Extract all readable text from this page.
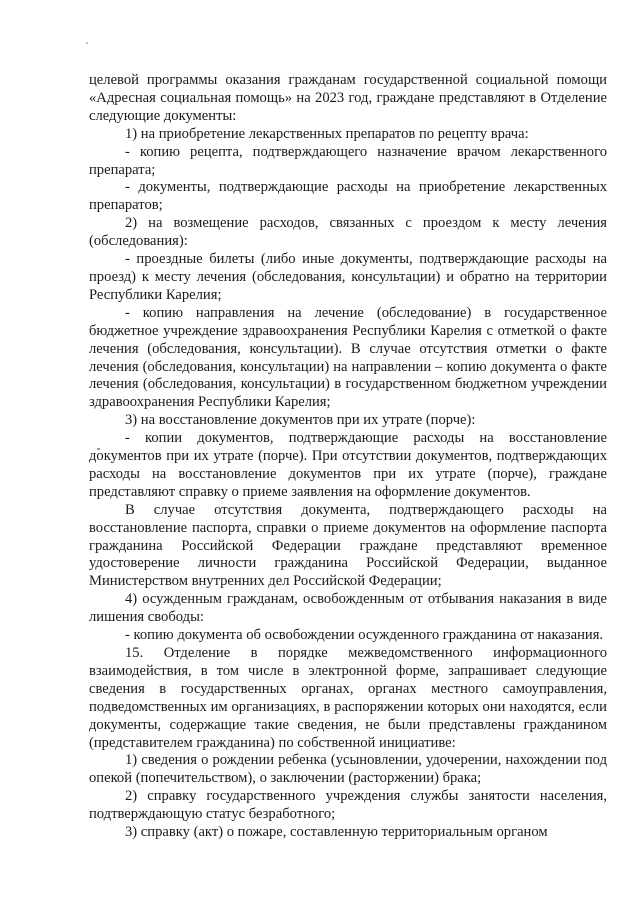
целевой программы оказания гражданам государственной социальной помощи «Адресная социальная помощь» на 2023 год, граждане представляют в Отделение следующие документы:

1) на приобретение лекарственных препаратов по рецепту врача:

- копию рецепта, подтверждающего назначение врачом лекарственного препарата;

- документы, подтверждающие расходы на приобретение лекарственных препаратов;

2) на возмещение расходов, связанных с проездом к месту лечения (обследования):

- проездные билеты (либо иные документы, подтверждающие расходы на проезд) к месту лечения (обследования, консультации) и обратно на территории Республики Карелия;

- копию направления на лечение (обследование) в государственное бюджетное учреждение здравоохранения Республики Карелия с отметкой о факте лечения (обследования, консультации). В случае отсутствия отметки о факте лечения (обследования, консультации) на направлении – копию документа о факте лечения (обследования, консультации) в государственном бюджетном учреждении здравоохранения Республики Карелия;

3) на восстановление документов при их утрате (порче):

- копии документов, подтверждающие расходы на восстановление документов при их утрате (порче). При отсутствии документов, подтверждающих расходы на восстановление документов при их утрате (порче), граждане представляют справку о приеме заявления на оформление документов.

В случае отсутствия документа, подтверждающего расходы на восстановление паспорта, справки о приеме документов на оформление паспорта гражданина Российской Федерации граждане представляют временное удостоверение личности гражданина Российской Федерации, выданное Министерством внутренних дел Российской Федерации;

4) осужденным гражданам, освобожденным от отбывания наказания в виде лишения свободы:

- копию документа об освобождении осужденного гражданина от наказания.

15. Отделение в порядке межведомственного информационного взаимодействия, в том числе в электронной форме, запрашивает следующие сведения в государственных органах, органах местного самоуправления, подведомственных им организациях, в распоряжении которых они находятся, если документы, содержащие такие сведения, не были представлены гражданином (представителем гражданина) по собственной инициативе:

1) сведения о рождении ребенка (усыновлении, удочерении, нахождении под опекой (попечительством), о заключении (расторжении) брака;

2) справку государственного учреждения службы занятости населения, подтверждающую статус безработного;

3) справку (акт) о пожаре, составленную территориальным органом
